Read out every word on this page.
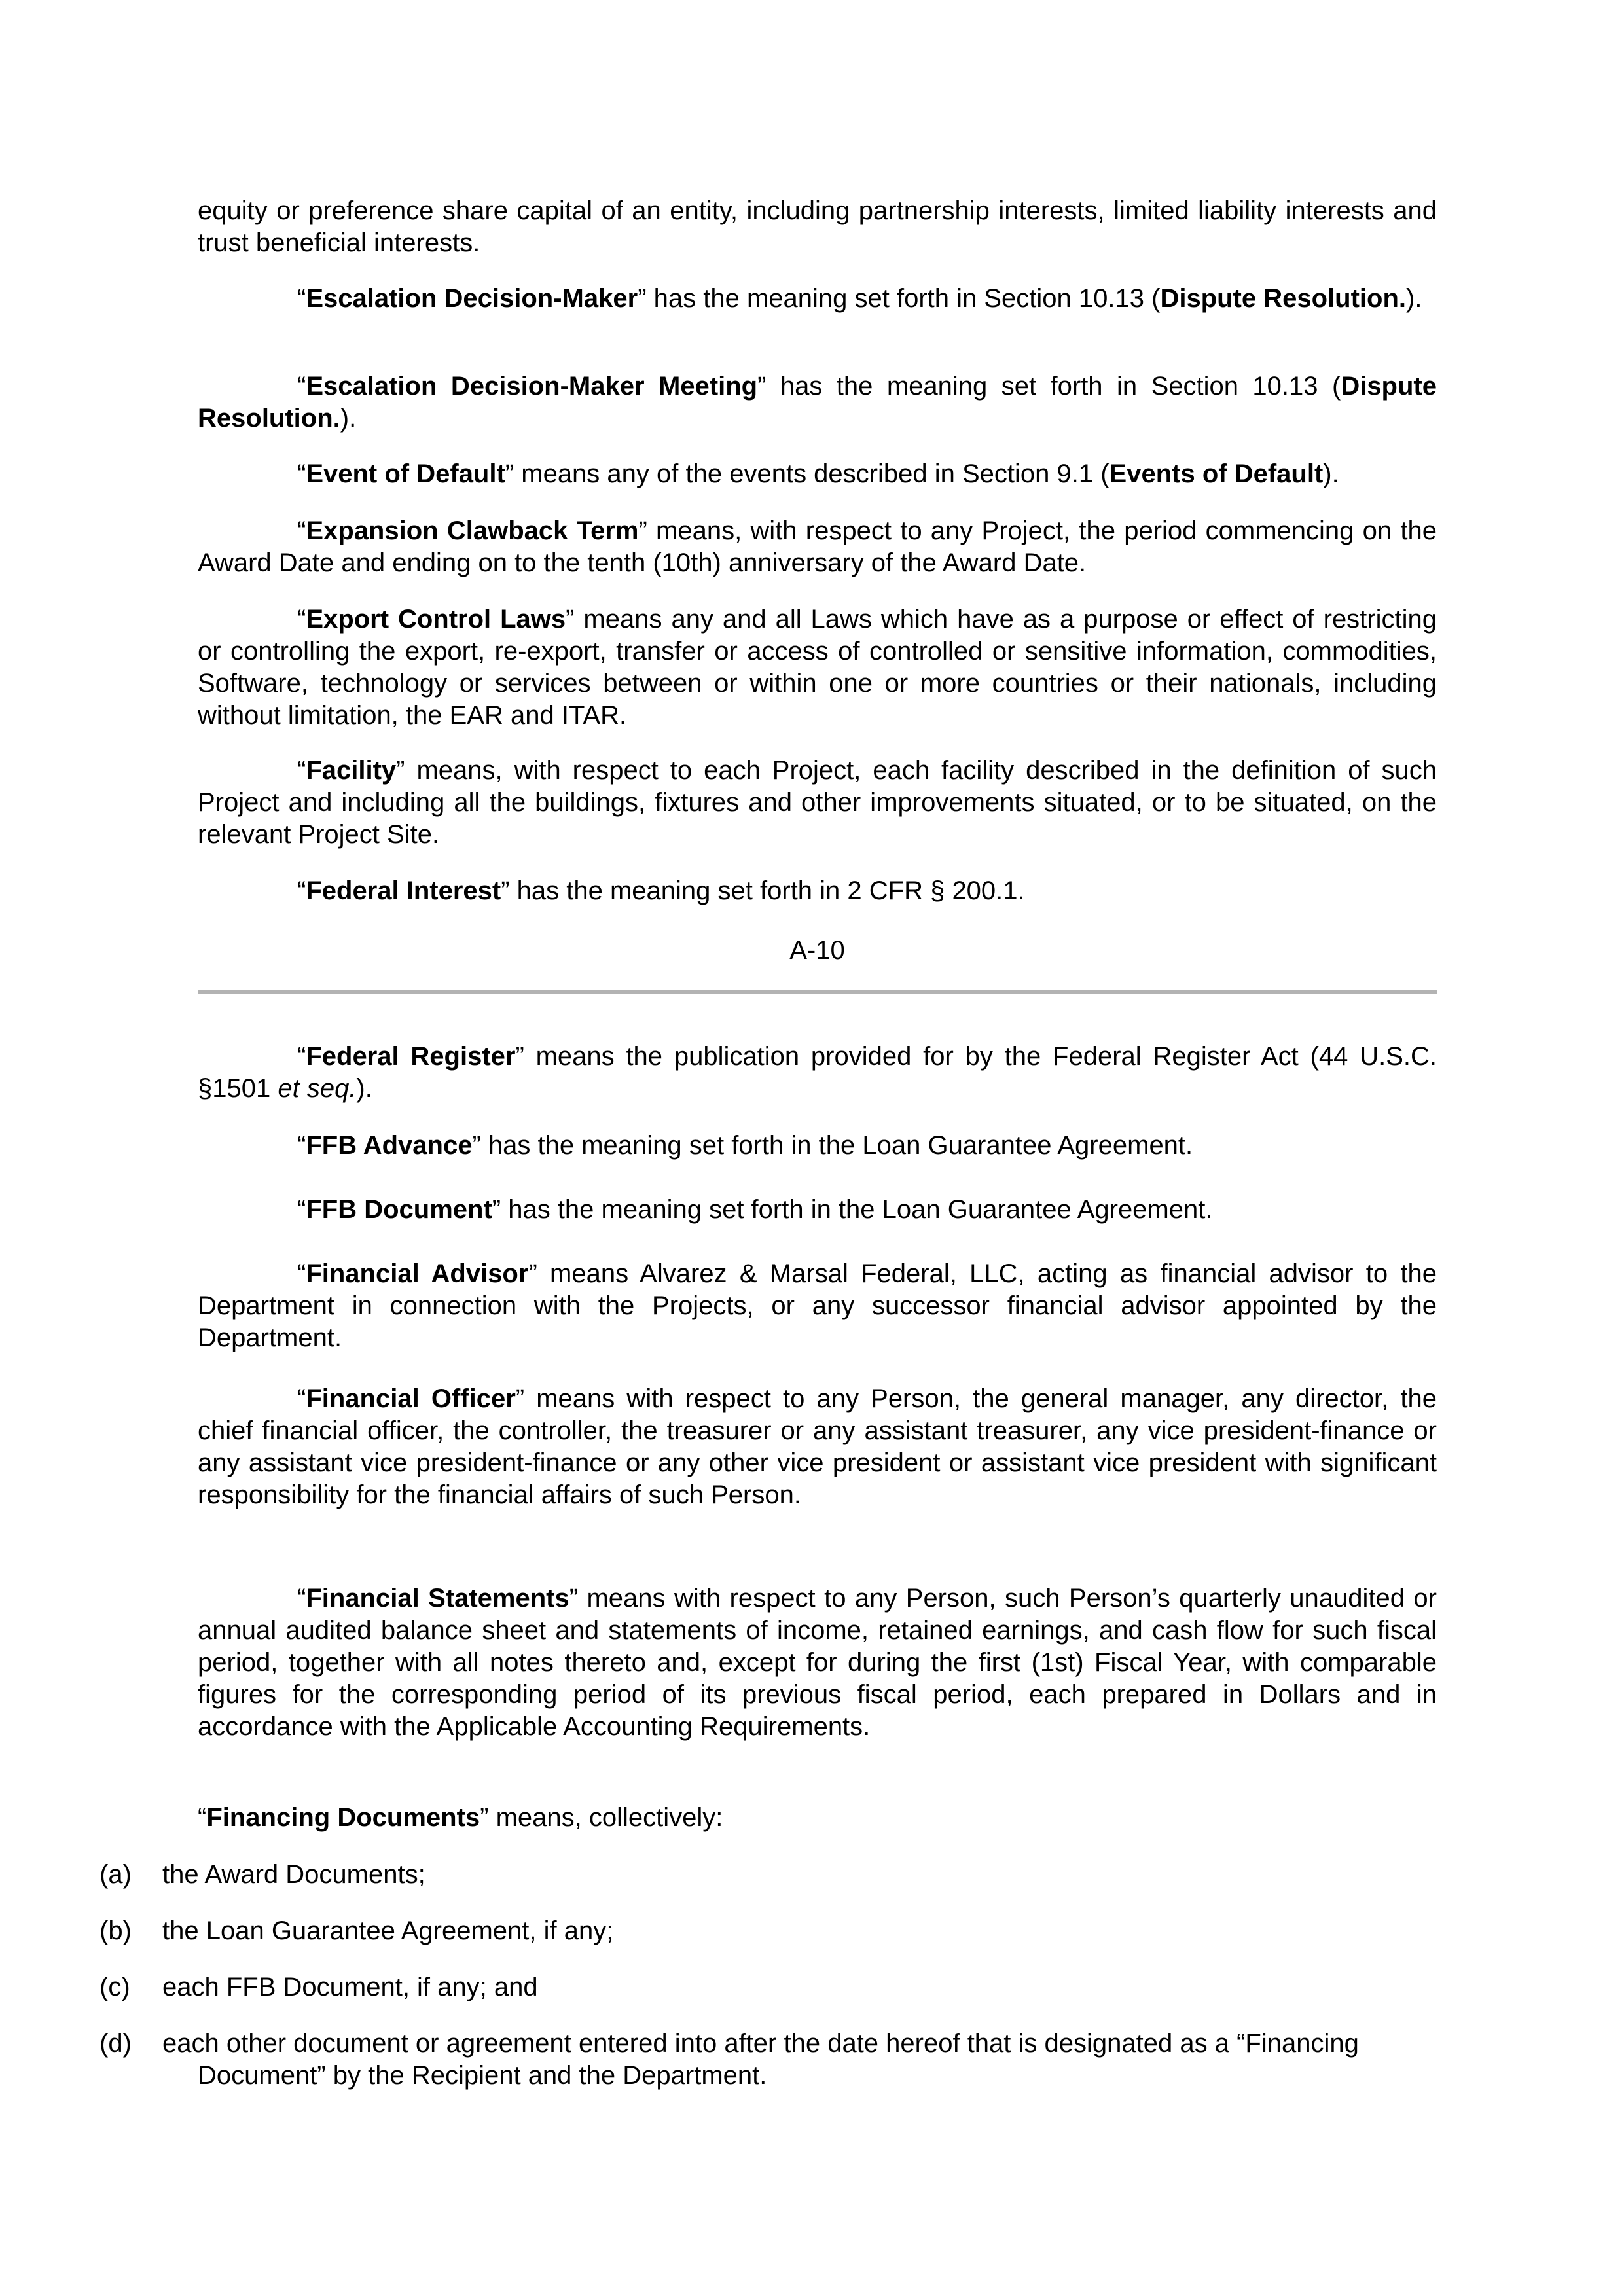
equity or preference share capital of an entity, including partnership interests, limited liability interests and trust beneficial interests.

“Escalation Decision-Maker” has the meaning set forth in Section 10.13 (Dispute Resolution.).

“Escalation Decision-Maker Meeting” has the meaning set forth in Section 10.13 (Dispute Resolution.).

“Event of Default” means any of the events described in Section 9.1 (Events of Default).

“Expansion Clawback Term” means, with respect to any Project, the period commencing on the Award Date and ending on to the tenth (10th) anniversary of the Award Date.

“Export Control Laws” means any and all Laws which have as a purpose or effect of restricting or controlling the export, re-export, transfer or access of controlled or sensitive information, commodities, Software, technology or services between or within one or more countries or their nationals, including without limitation, the EAR and ITAR.

“Facility” means, with respect to each Project, each facility described in the definition of such Project and including all the buildings, fixtures and other improvements situated, or to be situated, on the relevant Project Site.

“Federal Interest” has the meaning set forth in 2 CFR § 200.1.

A-10

“Federal Register” means the publication provided for by the Federal Register Act (44 U.S.C. §1501 et seq.).

“FFB Advance” has the meaning set forth in the Loan Guarantee Agreement.

“FFB Document” has the meaning set forth in the Loan Guarantee Agreement.

“Financial Advisor” means Alvarez & Marsal Federal, LLC, acting as financial advisor to the Department in connection with the Projects, or any successor financial advisor appointed by the Department.

“Financial Officer” means with respect to any Person, the general manager, any director, the chief financial officer, the controller, the treasurer or any assistant treasurer, any vice president-finance or any assistant vice president-finance or any other vice president or assistant vice president with significant responsibility for the financial affairs of such Person.

“Financial Statements” means with respect to any Person, such Person’s quarterly unaudited or annual audited balance sheet and statements of income, retained earnings, and cash flow for such fiscal period, together with all notes thereto and, except for during the first (1st) Fiscal Year, with comparable figures for the corresponding period of its previous fiscal period, each prepared in Dollars and in accordance with the Applicable Accounting Requirements.

“Financing Documents” means, collectively:

(a) the Award Documents;

(b) the Loan Guarantee Agreement, if any;

(c) each FFB Document, if any; and

(d) each other document or agreement entered into after the date hereof that is designated as a “Financing
Document” by the Recipient and the Department.
